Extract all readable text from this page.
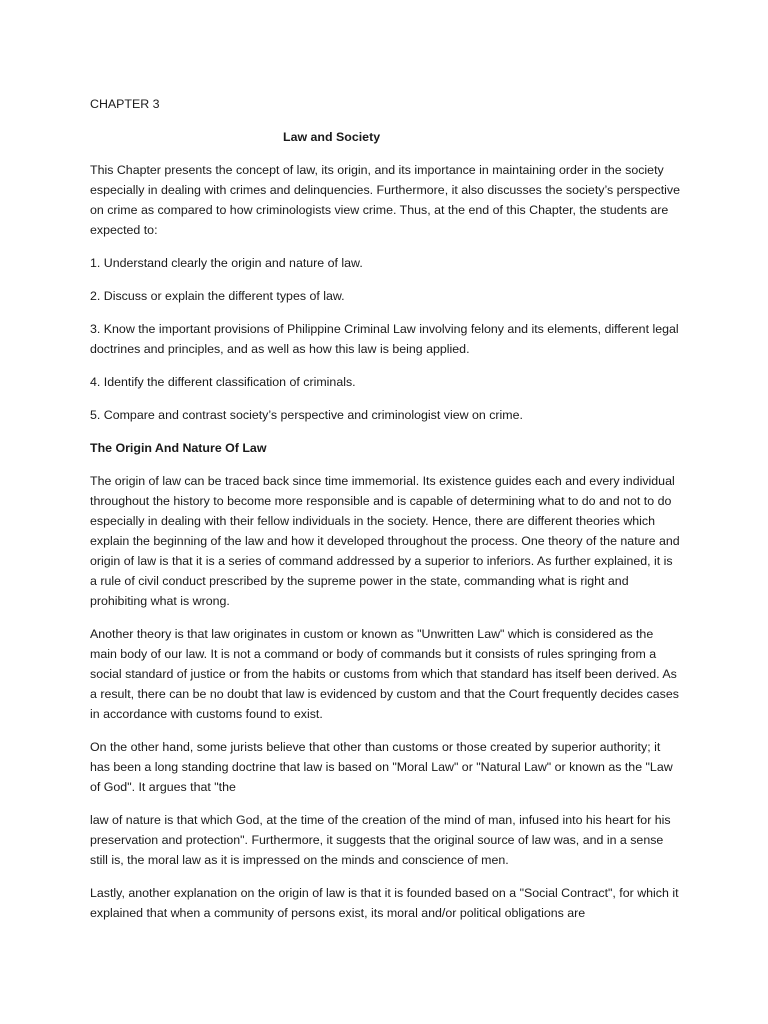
CHAPTER 3
Law and Society

This Chapter presents the concept of law, its origin, and its importance in maintaining order in the society especially in dealing with crimes and delinquencies. Furthermore, it also discusses the society’s perspective on crime as compared to how criminologists view crime. Thus, at the end of this Chapter, the students are expected to:

1. Understand clearly the origin and nature of law.

2. Discuss or explain the different types of law.

3. Know the important provisions of Philippine Criminal Law involving felony and its elements, different legal doctrines and principles, and as well as how this law is being applied.

4. Identify the different classification of criminals.

5. Compare and contrast society’s perspective and criminologist view on crime.

The Origin And Nature Of Law

The origin of law can be traced back since time immemorial. Its existence guides each and every individual throughout the history to become more responsible and is capable of determining what to do and not to do especially in dealing with their fellow individuals in the society. Hence, there are different theories which explain the beginning of the law and how it developed throughout the process. One theory of the nature and origin of law is that it is a series of command addressed by a superior to inferiors. As further explained, it is a rule of civil conduct prescribed by the supreme power in the state, commanding what is right and prohibiting what is wrong.

Another theory is that law originates in custom or known as "Unwritten Law" which is considered as the main body of our law. It is not a command or body of commands but it consists of rules springing from a social standard of justice or from the habits or customs from which that standard has itself been derived. As a result, there can be no doubt that law is evidenced by custom and that the Court frequently decides cases in accordance with customs found to exist.

On the other hand, some jurists believe that other than customs or those created by superior authority; it has been a long standing doctrine that law is based on "Moral Law" or "Natural Law" or known as the "Law of God". It argues that "the

law of nature is that which God, at the time of the creation of the mind of man, infused into his heart for his preservation and protection". Furthermore, it suggests that the original source of law was, and in a sense still is, the moral law as it is impressed on the minds and conscience of men.

Lastly, another explanation on the origin of law is that it is founded based on a "Social Contract", for which it explained that when a community of persons exist, its moral and/or political obligations are
